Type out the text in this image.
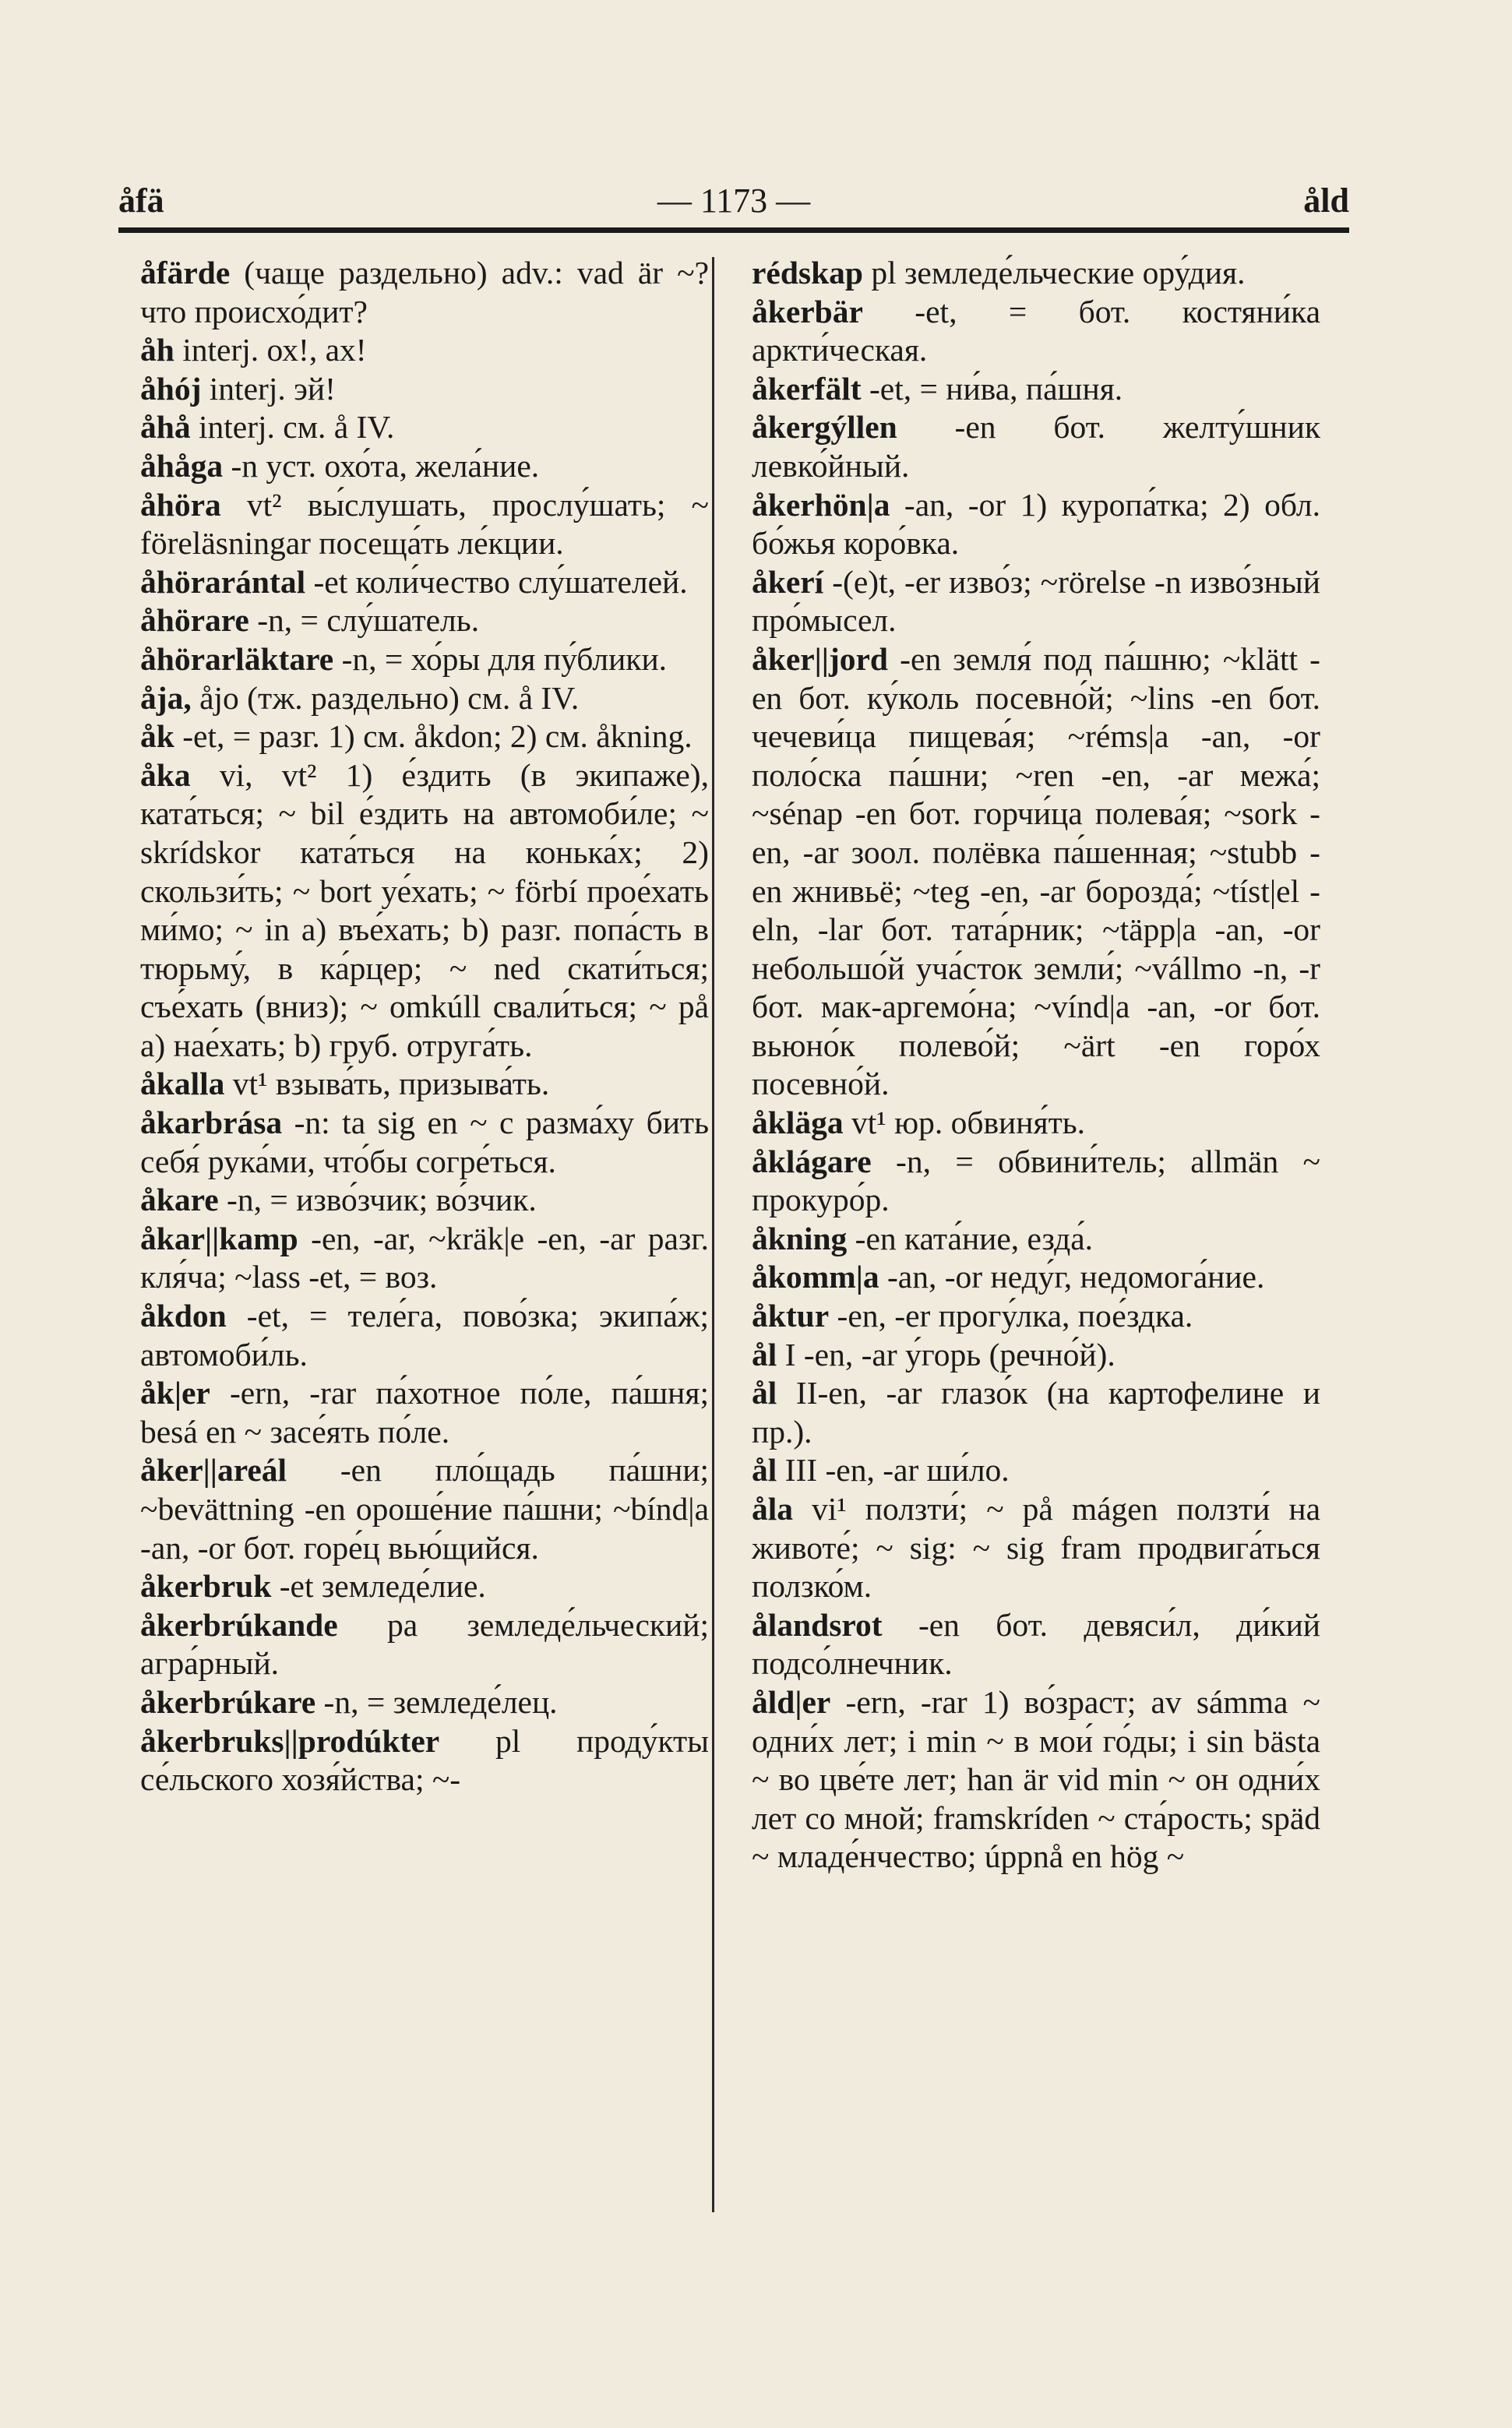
åfä	— 1173 —	åld

åfärde (чаще раздельно) adv.: vad är ~? что происхо́дит?

åh interj. ох!, ах!

åhój interj. эй!

åhå interj. см. å IV.

åhåga -n уст. охо́та, жела́ние.

åhöra vt² вы́слушать, прослу́шать; ~ föreläsningar посеща́ть ле́кции.

åhörarántal -et коли́чество слу́шателей.

åhörare -n, = слу́шатель.

åhörarläktare -n, = хо́ры для пу́блики.

åja, åjo (тж. раздельно) см. å IV.

åk -et, = разг. 1) см. åkdon; 2) см. åkning.

åka vi, vt² 1) е́здить (в экипаже), ката́ться; ~ bil е́здить на автомоби́ле; ~ skrídskor ката́ться на конька́х; 2) скользи́ть; ~ bort уе́хать; ~ förbí прое́хать ми́мо; ~ in a) въе́хать; b) разг. попа́сть в тюрьму́, в ка́рцер; ~ ned скати́ться; съе́хать (вниз); ~ omkúll свали́ться; ~ på a) нае́хать; b) груб. отруга́ть.

åkalla vt¹ взыва́ть, призыва́ть.

åkarbrása -n: ta sig en ~ с разма́ху бить себя́ рука́ми, что́бы согре́ться.

åkare -n, = изво́зчик; во́зчик.

åkar||kamp -en, -ar, ~kräk|e -en, -ar разг. кля́ча; ~lass -et, = воз.

åkdon -et, = теле́га, пово́зка; экипа́ж; автомоби́ль.

åk|er -ern, -rar па́хотное по́ле, па́шня; besá en ~ засе́ять по́ле.

åker||areál -en пло́щадь па́шни; ~bevättning -en ороше́ние па́шни; ~bínd|a -an, -or бот. горе́ц вью́щийся.

åkerbruk -et земледе́лие.

åkerbrúkande pa земледе́льческий; агра́рный.

åkerbrúkare -n, = земледе́лец.

åkerbruks||prodúkter pl проду́кты се́льского хозя́йства; ~-

rédskap pl земледе́льческие ору́дия.

åkerbär -et, = бот. костяни́ка аркти́ческая.

åkerfält -et, = ни́ва, па́шня.

åkergýllen -en бот. желту́шник левко́йный.

åkerhön|a -an, -or 1) куропа́тка; 2) обл. бо́жья коро́вка.

åkerí -(e)t, -er изво́з; ~rörelse -n изво́зный про́мысел.

åker||jord -en земля́ под па́шню; ~klätt -en бот. ку́коль посевно́й; ~lins -en бот. чечеви́ца пищева́я; ~réms|a -an, -or поло́ска па́шни; ~ren -en, -ar межа́; ~sénap -en бот. горчи́ца полева́я; ~sork -en, -ar зоол. полёвка па́шенная; ~stubb -en жнивьё; ~teg -en, -ar борозда́; ~tíst|el -eln, -lar бот. тата́рник; ~täpp|a -an, -or небольшо́й уча́сток земли́; ~vállmo -n, -r бот. мак-аргемо́на; ~vínd|a -an, -or бот. вьюно́к полево́й; ~ärt -en горо́х посевно́й.

åkläga vt¹ юр. обвиня́ть.

åklágare -n, = обвини́тель; allmän ~ прокуро́р.

åkning -en ката́ние, езда́.

åkomm|a -an, -or неду́г, недомога́ние.

åktur -en, -er прогу́лка, пое́здка.

ål I -en, -ar у́горь (речно́й).

ål II-en, -ar глазо́к (на картофелине и пр.).

ål III -en, -ar ши́ло.

åla vi¹ ползти́; ~ på mágen ползти́ на животе́; ~ sig: ~ sig fram продвига́ться ползко́м.

ålandsrot -en бот. девяси́л, ди́кий подсо́лнечник.

åld|er -ern, -rar 1) во́зраст; av sámma ~ одни́х лет; i min ~ в мои́ го́ды; i sin bästa ~ во цве́те лет; han är vid min ~ он одни́х лет со мной; framskríden ~ ста́рость; späd ~ младе́нчество; úppnå en hög ~
